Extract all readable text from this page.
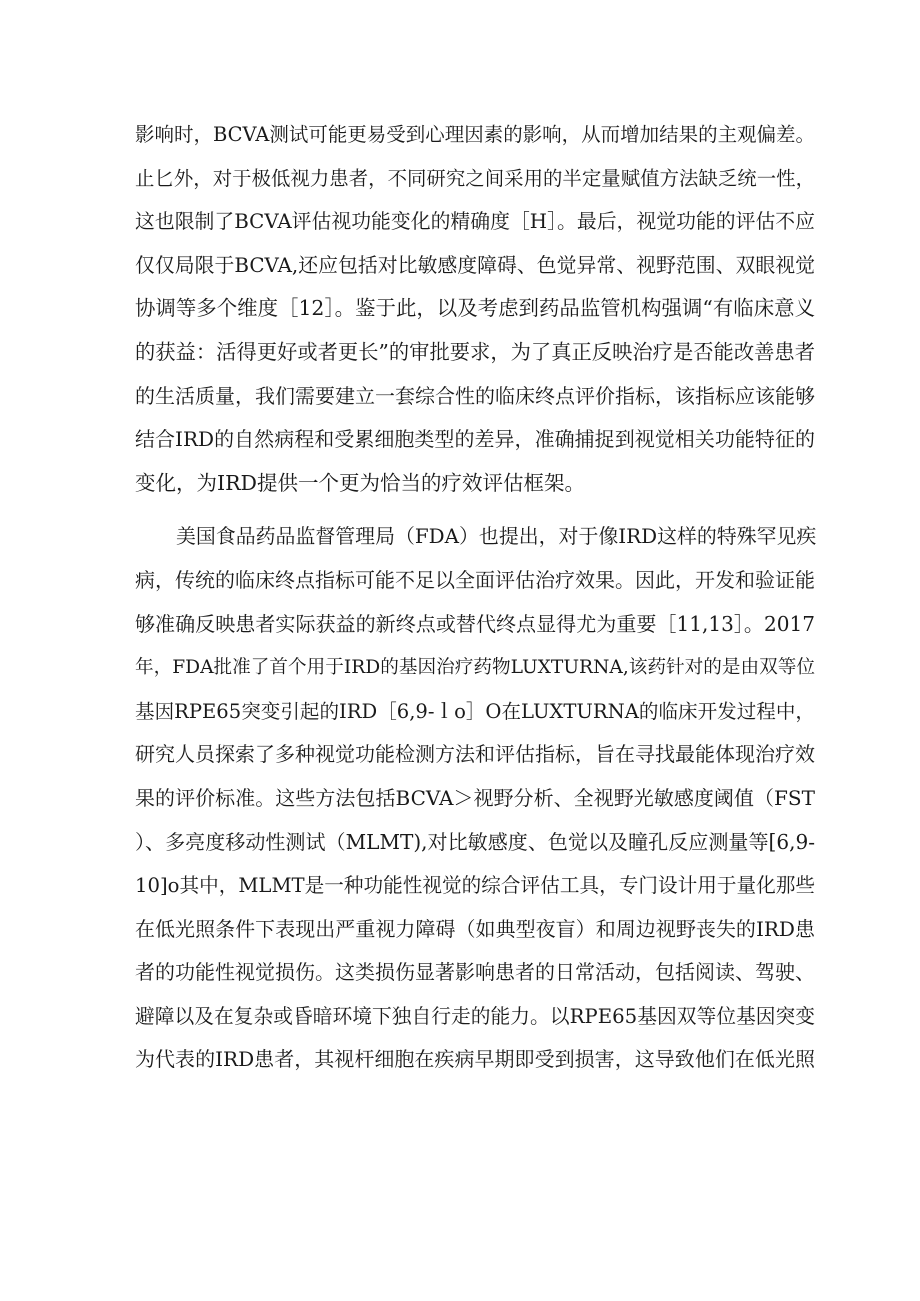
影响时，BCVA测试可能更易受到心理因素的影响，从而增加结果的主观偏差。
止匕外，对于极低视力患者，不同研究之间采用的半定量赋值方法缺乏统一性，
这也限制了BCVA评估视功能变化的精确度［H］。最后，视觉功能的评估不应
仅仅局限于BCVA,还应包括对比敏感度障碍、色觉异常、视野范围、双眼视觉
协调等多个维度［12］。鉴于此，以及考虑到药品监管机构强调“有临床意义
的获益：活得更好或者更长”的审批要求，为了真正反映治疗是否能改善患者
的生活质量，我们需要建立一套综合性的临床终点评价指标，该指标应该能够
结合IRD的自然病程和受累细胞类型的差异，准确捕捉到视觉相关功能特征的
变化，为IRD提供一个更为恰当的疗效评估框架。
美国食品药品监督管理局（FDA）也提出，对于像IRD这样的特殊罕见疾
病，传统的临床终点指标可能不足以全面评估治疗效果。因此，开发和验证能
够准确反映患者实际获益的新终点或替代终点显得尤为重要［11,13］。2017
年，FDA批准了首个用于IRD的基因治疗药物LUXTURNA,该药针对的是由双等位
基因RPE65突变引起的IRD［6,9-ｌo］O在LUXTURNA的临床开发过程中，
研究人员探索了多种视觉功能检测方法和评估指标，旨在寻找最能体现治疗效
果的评价标准。这些方法包括BCVA＞视野分析、全视野光敏感度阈值（FST
）、多亮度移动性测试（MLMT),对比敏感度、色觉以及瞳孔反应测量等[6,9-
10]o其中，MLMT是一种功能性视觉的综合评估工具，专门设计用于量化那些
在低光照条件下表现出严重视力障碍（如典型夜盲）和周边视野丧失的IRD患
者的功能性视觉损伤。这类损伤显著影响患者的日常活动，包括阅读、驾驶、
避障以及在复杂或昏暗环境下独自行走的能力。以RPE65基因双等位基因突变
为代表的IRD患者，其视杆细胞在疾病早期即受到损害，这导致他们在低光照
